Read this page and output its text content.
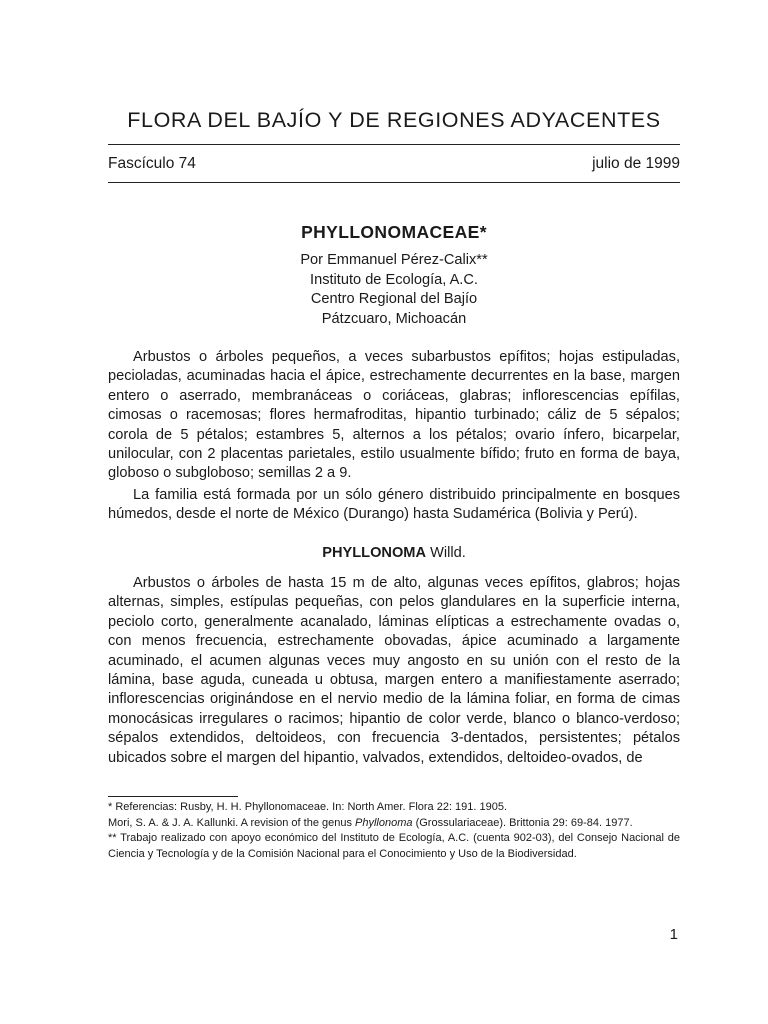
FLORA DEL BAJÍO Y DE REGIONES ADYACENTES
Fascículo 74	julio de 1999
PHYLLONOMACEAE*
Por Emmanuel Pérez-Calix**
Instituto de Ecología, A.C.
Centro Regional del Bajío
Pátzcuaro, Michoacán

Arbustos o árboles pequeños, a veces subarbustos epífitos; hojas estipuladas, pecioladas, acuminadas hacia el ápice, estrechamente decurrentes en la base, margen entero o aserrado, membranáceas o coriáceas, glabras; inflorescencias epífilas, cimosas o racemosas; flores hermafroditas, hipantio turbinado; cáliz de 5 sépalos; corola de 5 pétalos; estambres 5, alternos a los pétalos; ovario ínfero, bicarpelar, unilocular, con 2 placentas parietales, estilo usualmente bífido; fruto en forma de baya, globoso o subgloboso; semillas 2 a 9.

La familia está formada por un sólo género distribuido principalmente en bosques húmedos, desde el norte de México (Durango) hasta Sudamérica (Bolivia y Perú).

PHYLLONOMA Willd.

Arbustos o árboles de hasta 15 m de alto, algunas veces epífitos, glabros; hojas alternas, simples, estípulas pequeñas, con pelos glandulares en la superficie interna, peciolo corto, generalmente acanalado, láminas elípticas a estrechamente ovadas o, con menos frecuencia, estrechamente obovadas, ápice acuminado a largamente acuminado, el acumen algunas veces muy angosto en su unión con el resto de la lámina, base aguda, cuneada u obtusa, margen entero a manifiestamente aserrado; inflorescencias originándose en el nervio medio de la lámina foliar, en forma de cimas monocásicas irregulares o racimos; hipantio de color verde, blanco o blanco-verdoso; sépalos extendidos, deltoideos, con frecuencia 3-dentados, persistentes; pétalos ubicados sobre el margen del hipantio, valvados, extendidos, deltoideo-ovados, de

* Referencias: Rusby, H. H. Phyllonomaceae. In: North Amer. Flora 22: 191. 1905.

Mori, S. A. & J. A. Kallunki. A revision of the genus Phyllonoma (Grossulariaceae). Brittonia 29: 69-84. 1977.

** Trabajo realizado con apoyo económico del Instituto de Ecología, A.C. (cuenta 902-03), del Consejo Nacional de Ciencia y Tecnología y de la Comisión Nacional para el Conocimiento y Uso de la Biodiversidad.

1
